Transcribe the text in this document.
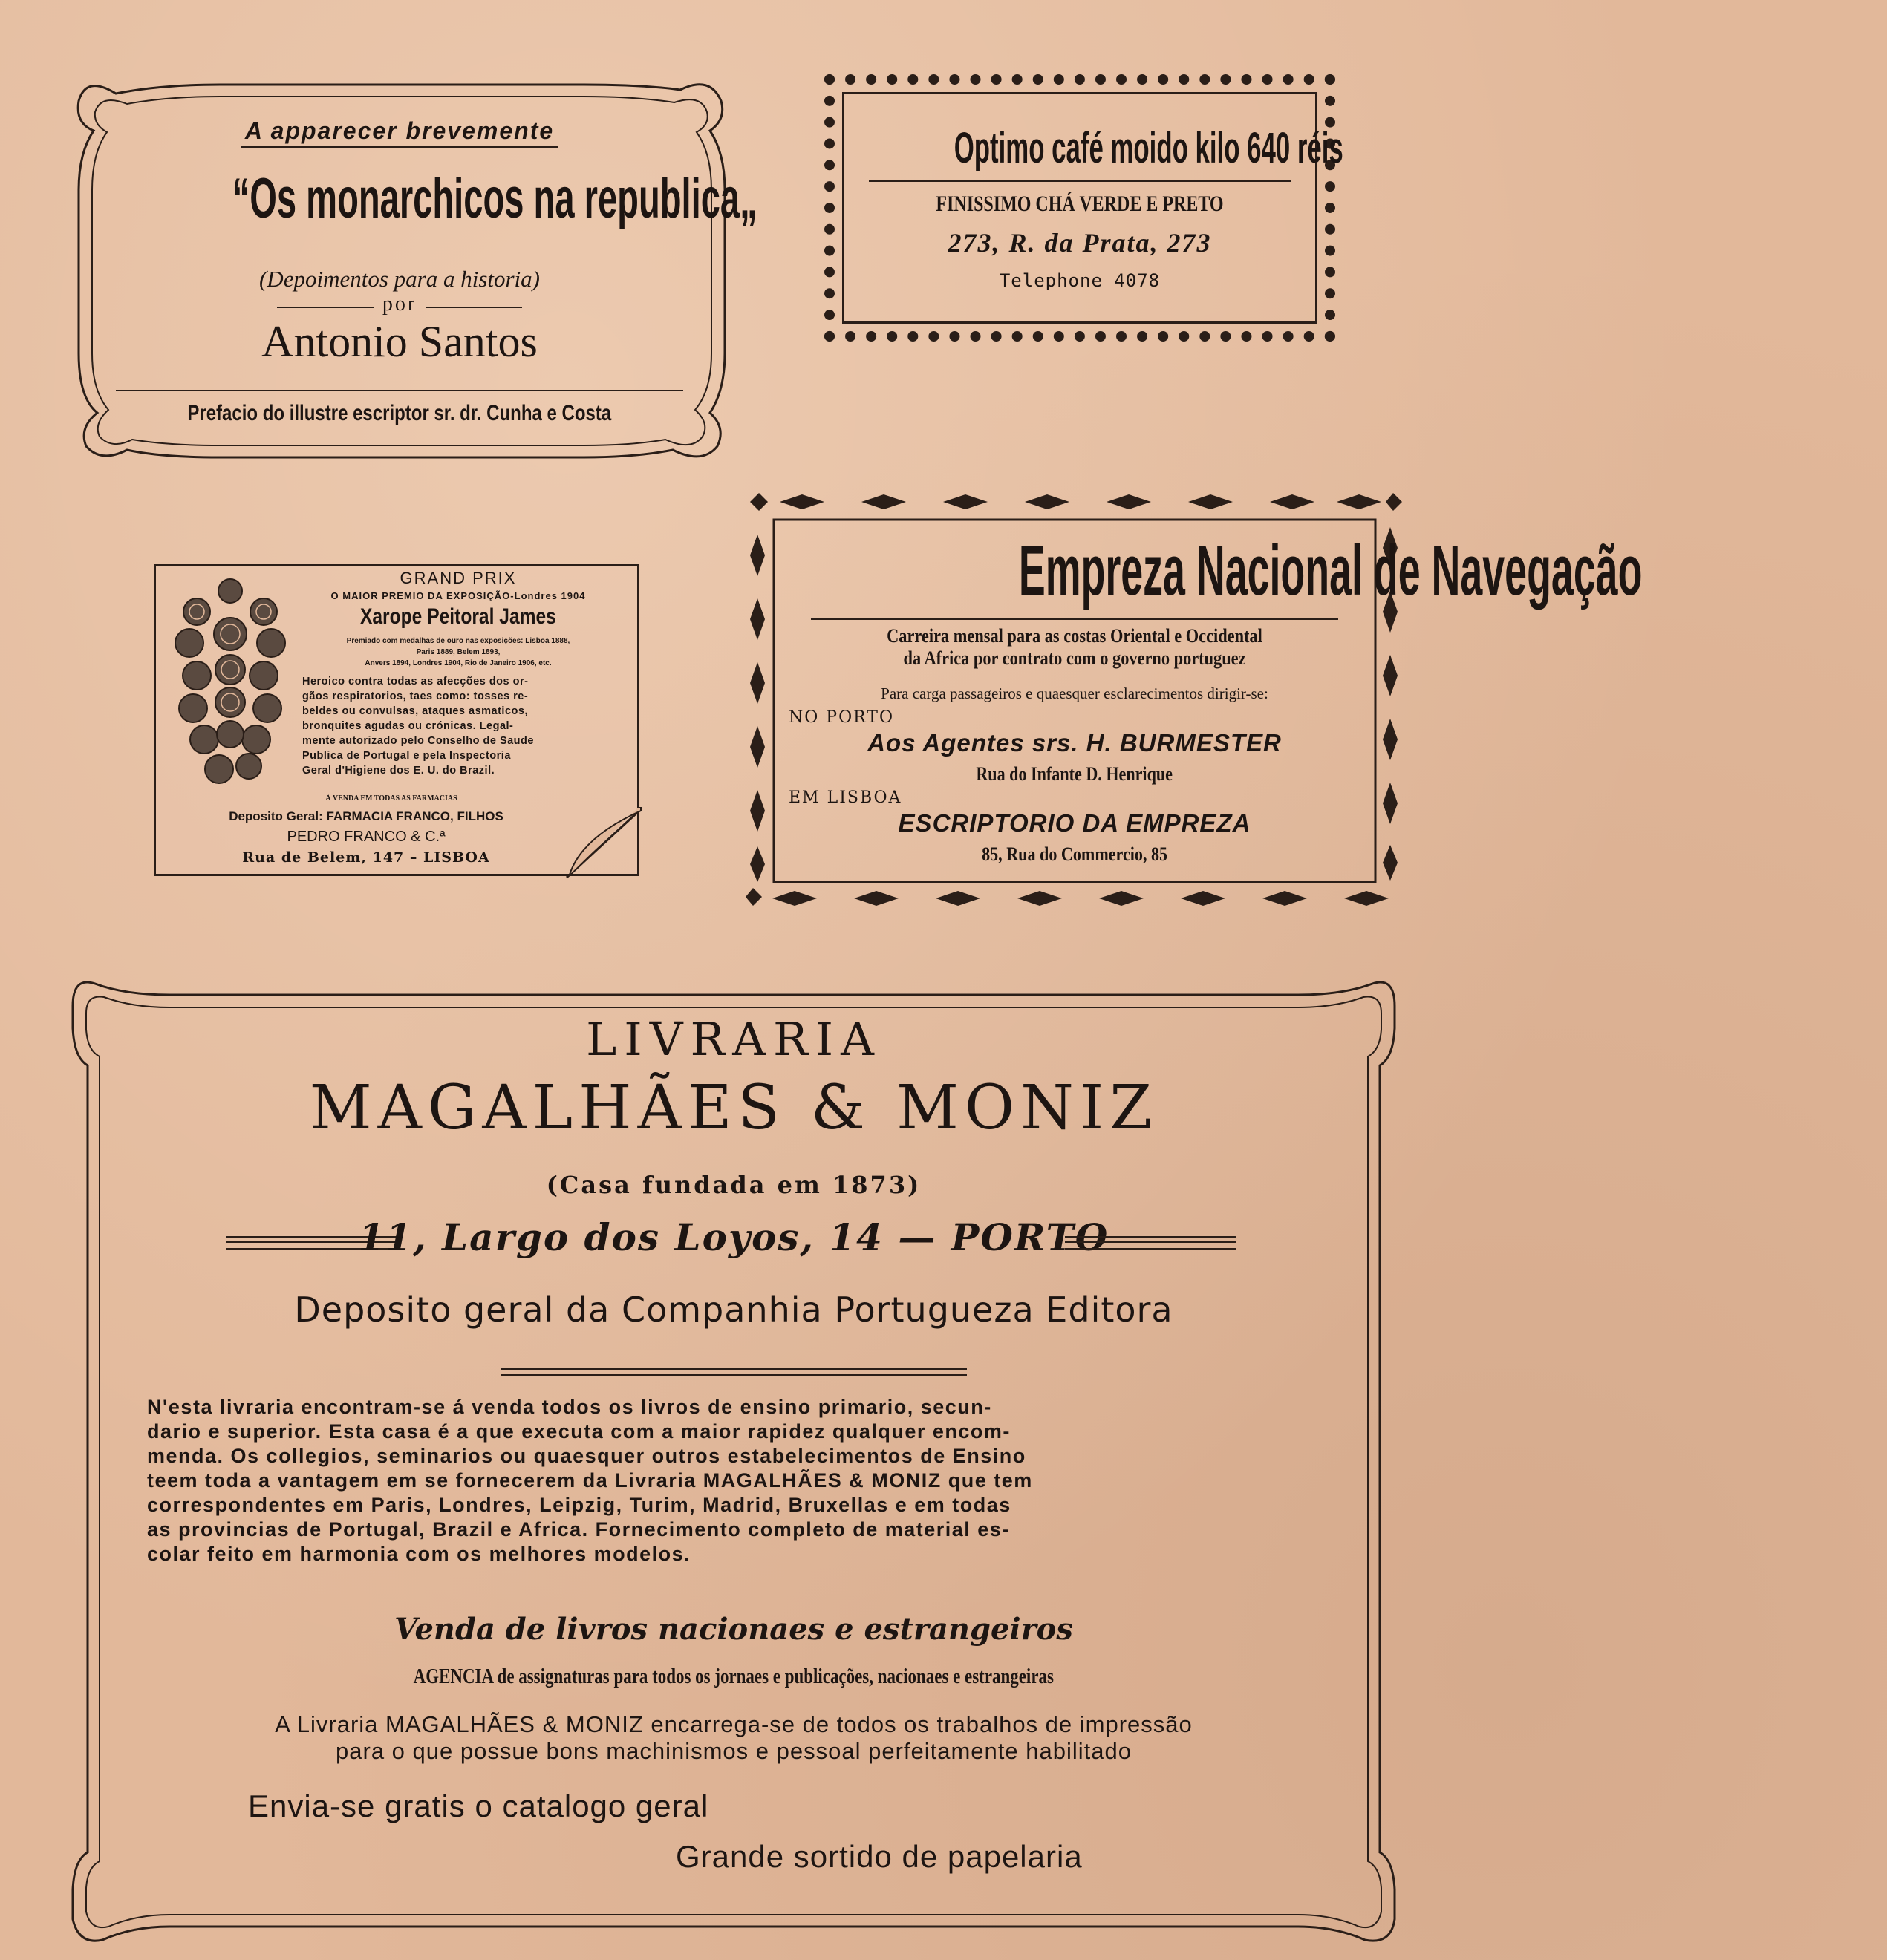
A apparecer brevemente
“Os monarchicos na republica„
(Depoimentos para a historia)
por
Antonio Santos
Prefacio do illustre escriptor sr. dr. Cunha e Costa
Optimo café moido kilo 640 réis
FINISSIMO CHÁ VERDE E PRETO
273, R. da Prata, 273
Telephone 4078
GRAND PRIX
O MAIOR PREMIO DA EXPOSIÇÃO-Londres 1904
Xarope Peitoral James
Premiado com medalhas de ouro nas exposições: Lisboa 1888,
Paris 1889, Belem 1893,
Anvers 1894, Londres 1904, Rio de Janeiro 1906, etc.
Heroico contra todas as afecções dos or-
gãos respiratorios, taes como: tosses re-
beldes ou convulsas, ataques asmaticos,
bronquites agudas ou crónicas. Legal-
mente autorizado pelo Conselho de Saude
Publica de Portugal e pela Inspectoria
Geral d'Higiene dos E. U. do Brazil.
À VENDA EM TODAS AS FARMACIAS
Deposito Geral: FARMACIA FRANCO, FILHOS
PEDRO FRANCO & C.ª
Rua de Belem, 147 – LISBOA
Empreza Nacional de Navegação
Carreira mensal para as costas Oriental e Occidental
da Africa por contrato com o governo portuguez
Para carga passageiros e quaesquer esclarecimentos dirigir-se:
NO PORTO
Aos Agentes srs. H. BURMESTER
Rua do Infante D. Henrique
EM LISBOA
ESCRIPTORIO DA EMPREZA
85, Rua do Commercio, 85
LIVRARIA
MAGALHÃES & MONIZ
(Casa fundada em 1873)
11, Largo dos Loyos, 14 — PORTO
Deposito geral da Companhia Portugueza Editora
N'esta livraria encontram-se á venda todos os livros de ensino primario, secun-
dario e superior. Esta casa é a que executa com a maior rapidez qualquer encom-
menda. Os collegios, seminarios ou quaesquer outros estabelecimentos de Ensino
teem toda a vantagem em se fornecerem da Livraria MAGALHÃES & MONIZ que tem
correspondentes em Paris, Londres, Leipzig, Turim, Madrid, Bruxellas e em todas
as provincias de Portugal, Brazil e Africa. Fornecimento completo de material es-
colar feito em harmonia com os melhores modelos.
Venda de livros nacionaes e estrangeiros
AGENCIA de assignaturas para todos os jornaes e publicações, nacionaes e estrangeiras
A Livraria MAGALHÃES & MONIZ encarrega-se de todos os trabalhos de impressão
para o que possue bons machinismos e pessoal perfeitamente habilitado
Envia-se gratis o catalogo geral
Grande sortido de papelaria
